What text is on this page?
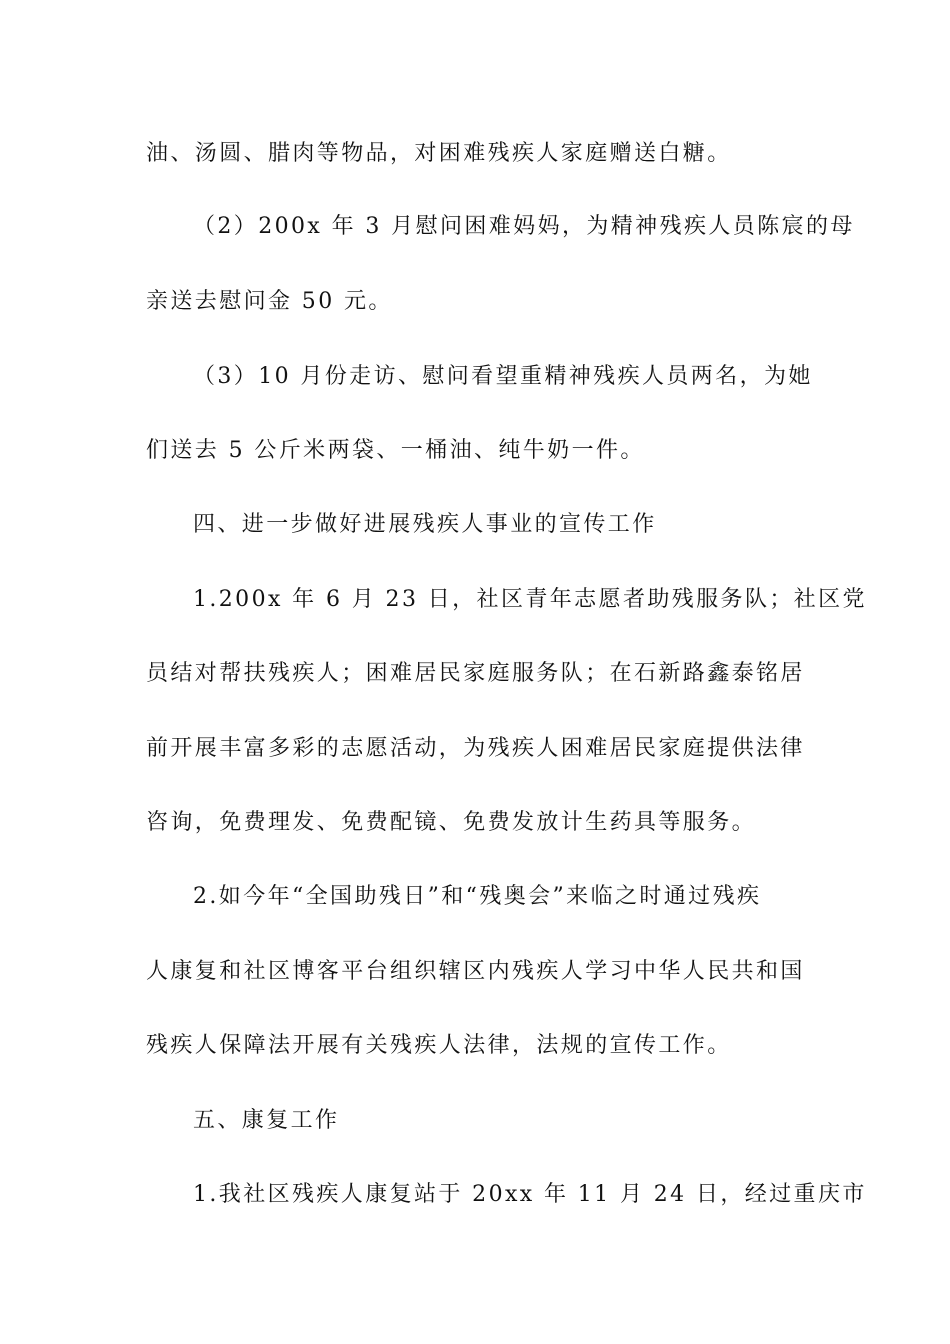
油、汤圆、腊肉等物品，对困难残疾人家庭赠送白糖。
（2）200x 年 3 月慰问困难妈妈，为精神残疾人员陈宸的母
亲送去慰问金 50 元。
（3）10 月份走访、慰问看望重精神残疾人员两名，为她
们送去 5 公斤米两袋、一桶油、纯牛奶一件。
四、进一步做好进展残疾人事业的宣传工作
1.200x 年 6 月 23 日，社区青年志愿者助残服务队；社区党
员结对帮扶残疾人；困难居民家庭服务队；在石新路鑫泰铭居
前开展丰富多彩的志愿活动，为残疾人困难居民家庭提供法律
咨询，免费理发、免费配镜、免费发放计生药具等服务。
2.如今年“全国助残日”和“残奥会”来临之时通过残疾
人康复和社区博客平台组织辖区内残疾人学习中华人民共和国
残疾人保障法开展有关残疾人法律，法规的宣传工作。
五、康复工作
1.我社区残疾人康复站于 20xx 年 11 月 24 日，经过重庆市
